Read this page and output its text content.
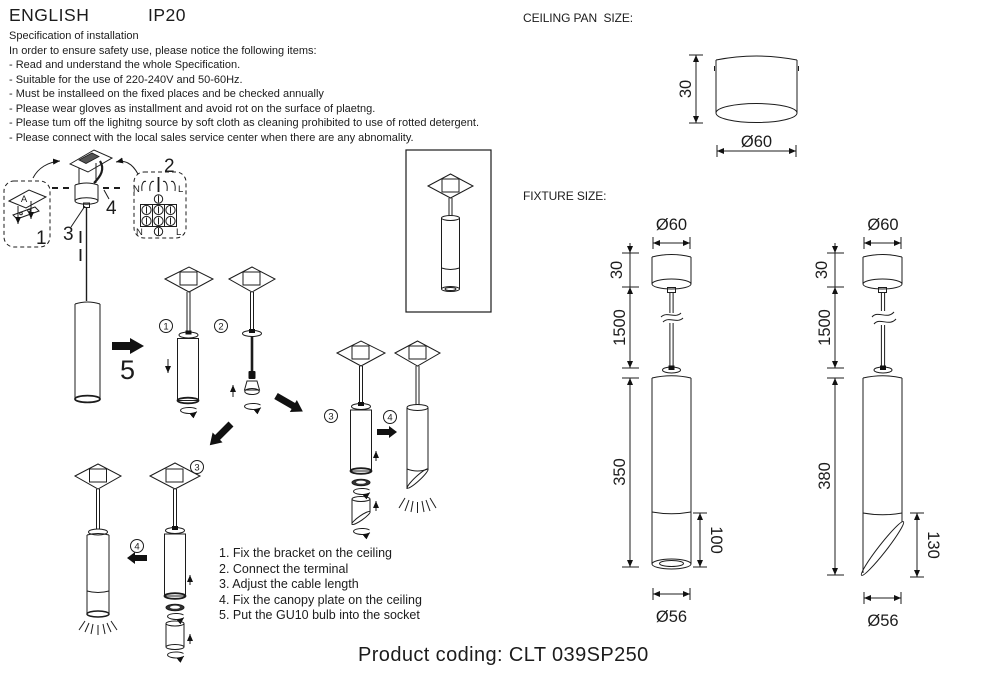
ENGLISH	IP20
Specification of installation
In order to ensure safety use, please notice the following items:
- Read and understand the whole Specification.
- Suitable for the use of 220-240V and 50-60Hz.
- Must be installeed on the fixed places and be checked annually
- Please wear gloves as installment and avoid rot on the surface of plaetng.
- Please tum off the lighitng source by soft cloth as cleaning prohibited to use of rotted detergent.
- Please connect with the local sales service center when there are any abnomality.
CEILING PAN  SIZE:
FIXTURE SIZE:
1. Fix the bracket on the ceiling
2. Connect the terminal
3. Adjust the cable length
4. Fix the canopy plate on the ceiling
5. Put the GU10 bulb into the socket
Product coding: CLT 039SP250
A
1 3
4
2
N	L
N	L
5
1	2
3	4
3
4
30
Ø60
Ø60
30
1500
350
100
Ø56
Ø60
30
1500
380
130
Ø56
